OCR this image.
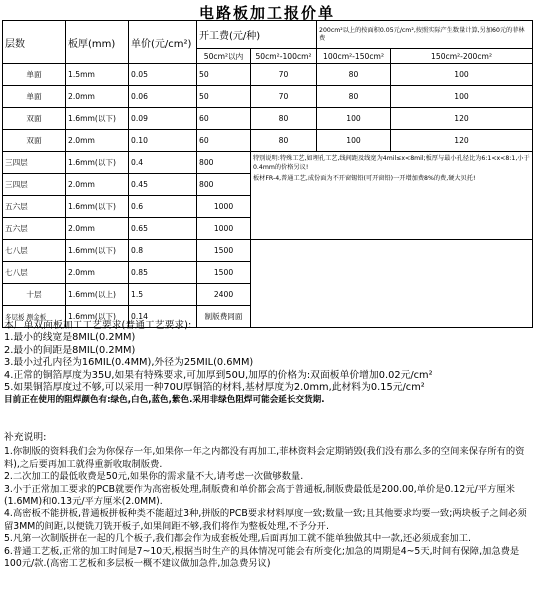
电路板加工报价单
层数	板厚(mm)	单价(元/cm²)	开工费(元/种)		200cm²以上的按面积0.05元/cm²,按照实际产生数量计算,另加60元的菲林费	
			50cm²以内	50cm²-100cm²	100cm²-150cm²	150cm²-200cm²
单面	1.5mm	0.05	50	70	80	100
单面	2.0mm	0.06	50	70	80	100
双面	1.6mm(以下)	0.09	60	80	100	120
双面	2.0mm	0.10	60	80	100	120
三四层	1.6mm(以下)	0.4	800	特别说明:特殊工艺,如埋孔工艺,线间距及线宽为4mil≤x<8mil;板厚与最小孔径比为6:1<x<8:1,小于0.4mm的价格另议!

板材FR-4,普通工艺,成份面为不开窗锡铅(可开窗铅)一开增加费8%的费,硬大贝托!		

三四层	2.0mm	0.45	800			
五六层	1.6mm(以下)	0.6	1000			
五六层	2.0mm	0.65	1000			
七八层	1.6mm(以下)	0.8	1500			
七八层	2.0mm	0.85	1500			
十层	1.6mm(以上)	1.5	2400			
多层板 测金板	1.6mm(以下)	0.14	制版费同面			

本厂单双面板加工工艺要求(普通工艺要求):

1.最小的线宽是8MIL(0.2MM)

2.最小的间距是8MIL(0.2MM)

3.最小过孔内径为16MIL(0.4MM),外径为25MIL(0.6MM)

4.正常的铜箔厚度为35U,如果有特殊要求,可加厚到50U,加厚的价格为:双面板单价增加0.02元/cm²

5.如果铜箔厚度过不够,可以采用一种70U厚铜箔的材料,基材厚度为2.0mm,此材料为0.15元/cm²

目前正在使用的阻焊颜色有:绿色,白色,蓝色,紫色.采用非绿色阻焊可能会延长交货期.

补充说明:

1.你制版的资料我们会为你保存一年,如果你一年之内都没有再加工,菲林资料会定期销毁(我们没有那么多的空间来保存所有的资料),之后要再加工就得重新收取制版费.

2.二次加工的最低收费是50元,如果你的需求量不大,请考虑一次做够数量.

3.小于正常加工要求的PCB就要作为高密板处理,制版费和单价都会高于普通板,制版费最低是200.00,单价是0.12元/平方厘米(1.6MM)和0.13元/平方厘米(2.0MM).

4.高密板不能拼板,普通板拼板种类不能超过3种,拼版的PCB要求材料厚度一致;数量一致;且其他要求均要一致;两块板子之间必须留3MM的间距,以便铣刀铣开板子,如果间距不够,我们将作为整板处理,不予分开.

5.凡第一次制版拼在一起的几个板子,我们都会作为成套板处理,后面再加工就不能单独做其中一款,还必须成套加工.

6.普通工艺板,正常的加工时间是7~10天,根据当时生产的具体情况可能会有所变化;加急的周期是4~5天,时间有保障,加急费是100元/款.(高密工艺板和多层板一概不建议做加急件,加急费另议)
